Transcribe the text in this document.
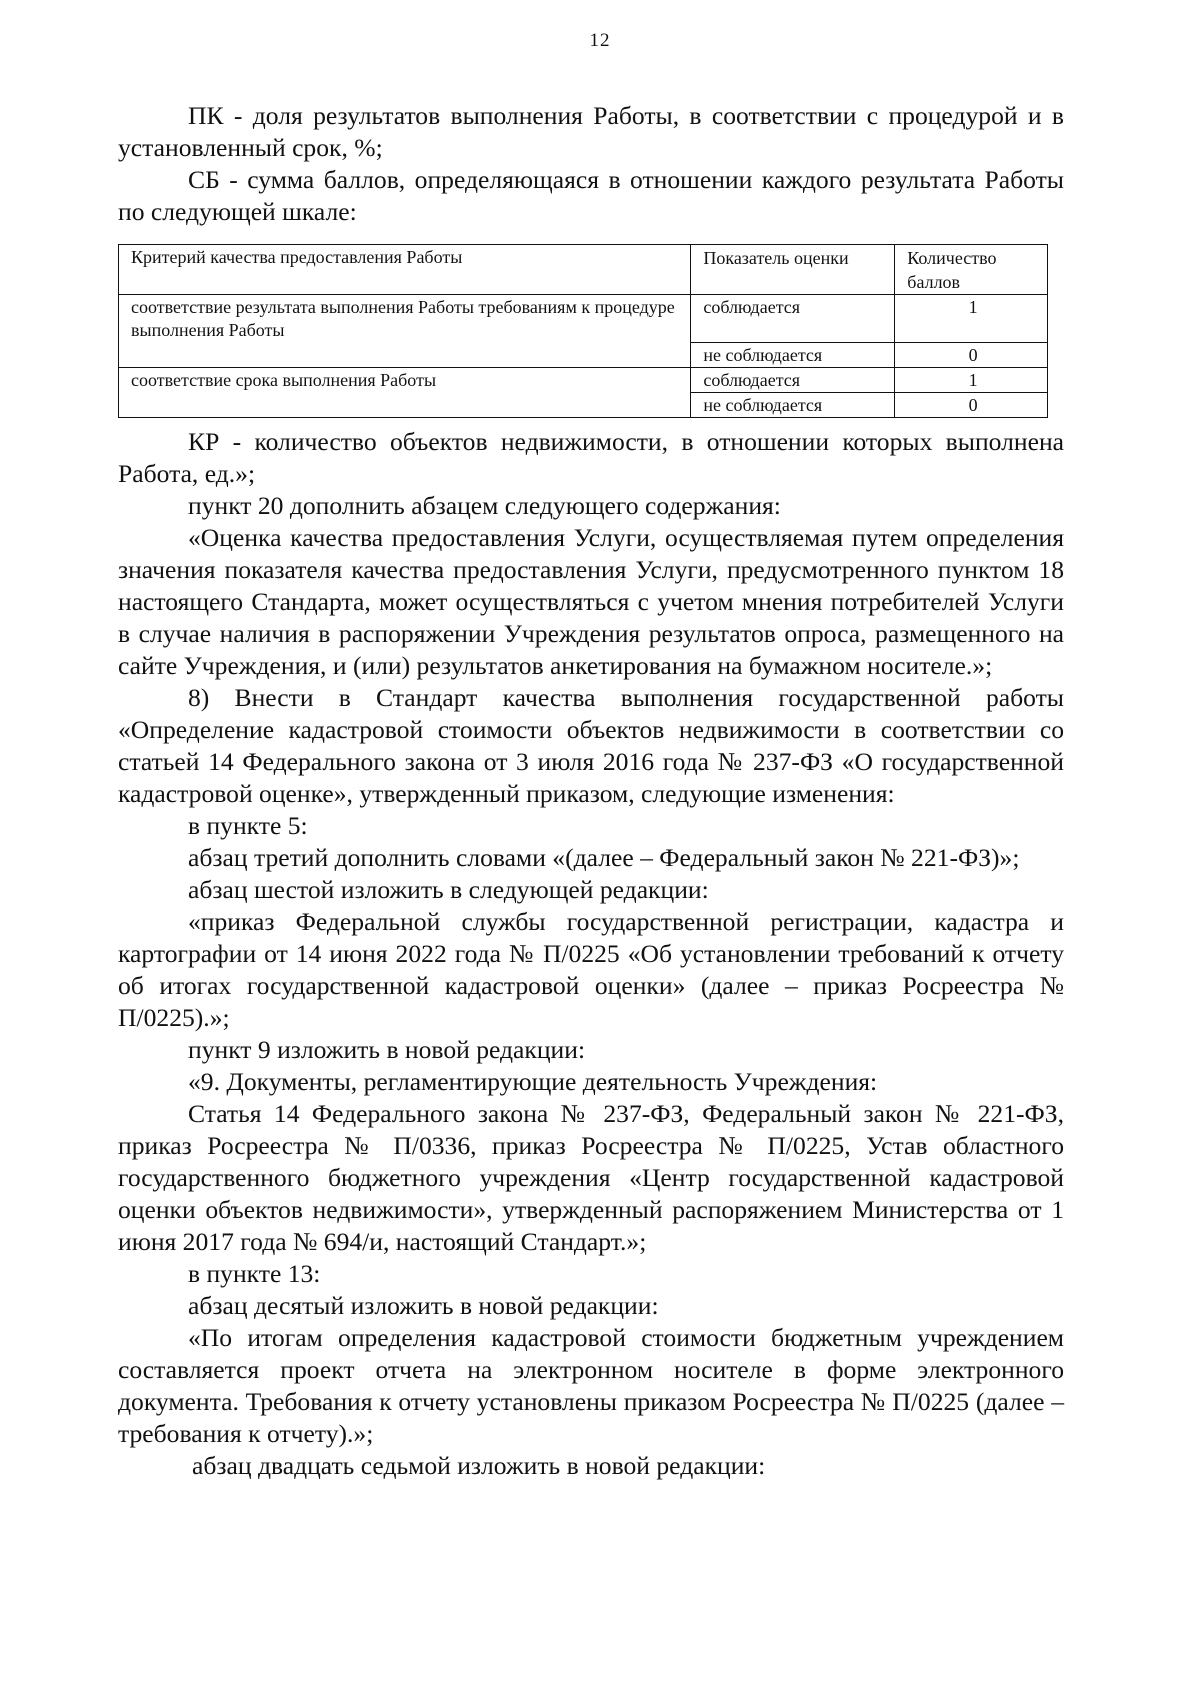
12

ПК - доля результатов выполнения Работы, в соответствии с процедурой и в установленный срок, %;

СБ - сумма баллов, определяющаяся в отношении каждого результата Работы по следующей шкале:

Критерий качества предоставления Работы	Показатель оценки	Количество баллов
соответствие результата выполнения Работы требованиям к процедуре выполнения Работы	соблюдается	1
	не соблюдается	0
соответствие срока выполнения Работы	соблюдается	1
	не соблюдается	0

КР - количество объектов недвижимости, в отношении которых выполнена Работа, ед.»;

пункт 20 дополнить абзацем следующего содержания:

«Оценка качества предоставления Услуги, осуществляемая путем определения значения показателя качества предоставления Услуги, предусмотренного пунктом 18 настоящего Стандарта, может осуществляться с учетом мнения потребителей Услуги в случае наличия в распоряжении Учреждения результатов опроса, размещенного на сайте Учреждения, и (или) результатов анкетирования на бумажном носителе.»;

8) Внести в Стандарт качества выполнения государственной работы «Определение кадастровой стоимости объектов недвижимости в соответствии со статьей 14 Федерального закона от 3 июля 2016 года № 237-ФЗ «О государственной кадастровой оценке», утвержденный приказом, следующие изменения:

в пункте 5:

абзац третий дополнить словами «(далее – Федеральный закон № 221-ФЗ)»;

абзац шестой изложить в следующей редакции:

«приказ Федеральной службы государственной регистрации, кадастра и картографии от 14 июня 2022 года № П/0225 «Об установлении требований к отчету об итогах государственной кадастровой оценки» (далее – приказ Росреестра № П/0225).»;

пункт 9 изложить в новой редакции:

«9. Документы, регламентирующие деятельность Учреждения:

Статья 14 Федерального закона № 237-ФЗ, Федеральный закон № 221-ФЗ, приказ Росреестра № П/0336, приказ Росреестра № П/0225, Устав областного государственного бюджетного учреждения «Центр государственной кадастровой оценки объектов недвижимости», утвержденный распоряжением Министерства от 1 июня 2017 года № 694/и, настоящий Стандарт.»;

в пункте 13:

абзац десятый изложить в новой редакции:

«По итогам определения кадастровой стоимости бюджетным учреждением составляется проект отчета на электронном носителе в форме электронного документа. Требования к отчету установлены приказом Росреестра № П/0225 (далее – требования к отчету).»;

абзац двадцать седьмой изложить в новой редакции:
